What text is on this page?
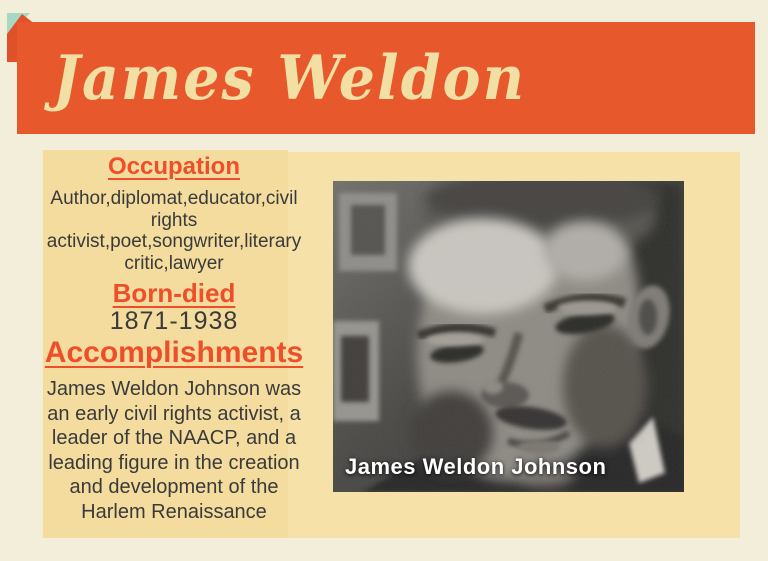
James Weldon
Occupation
Author,diplomat,educator,civil
rights
activist,poet,songwriter,literary
critic,lawyer
Born-died
1871-1938
Accomplishments
James Weldon Johnson was
an early civil rights activist, a
leader of the NAACP, and a
leading figure in the creation
and development of the
Harlem Renaissance
James Weldon Johnson
